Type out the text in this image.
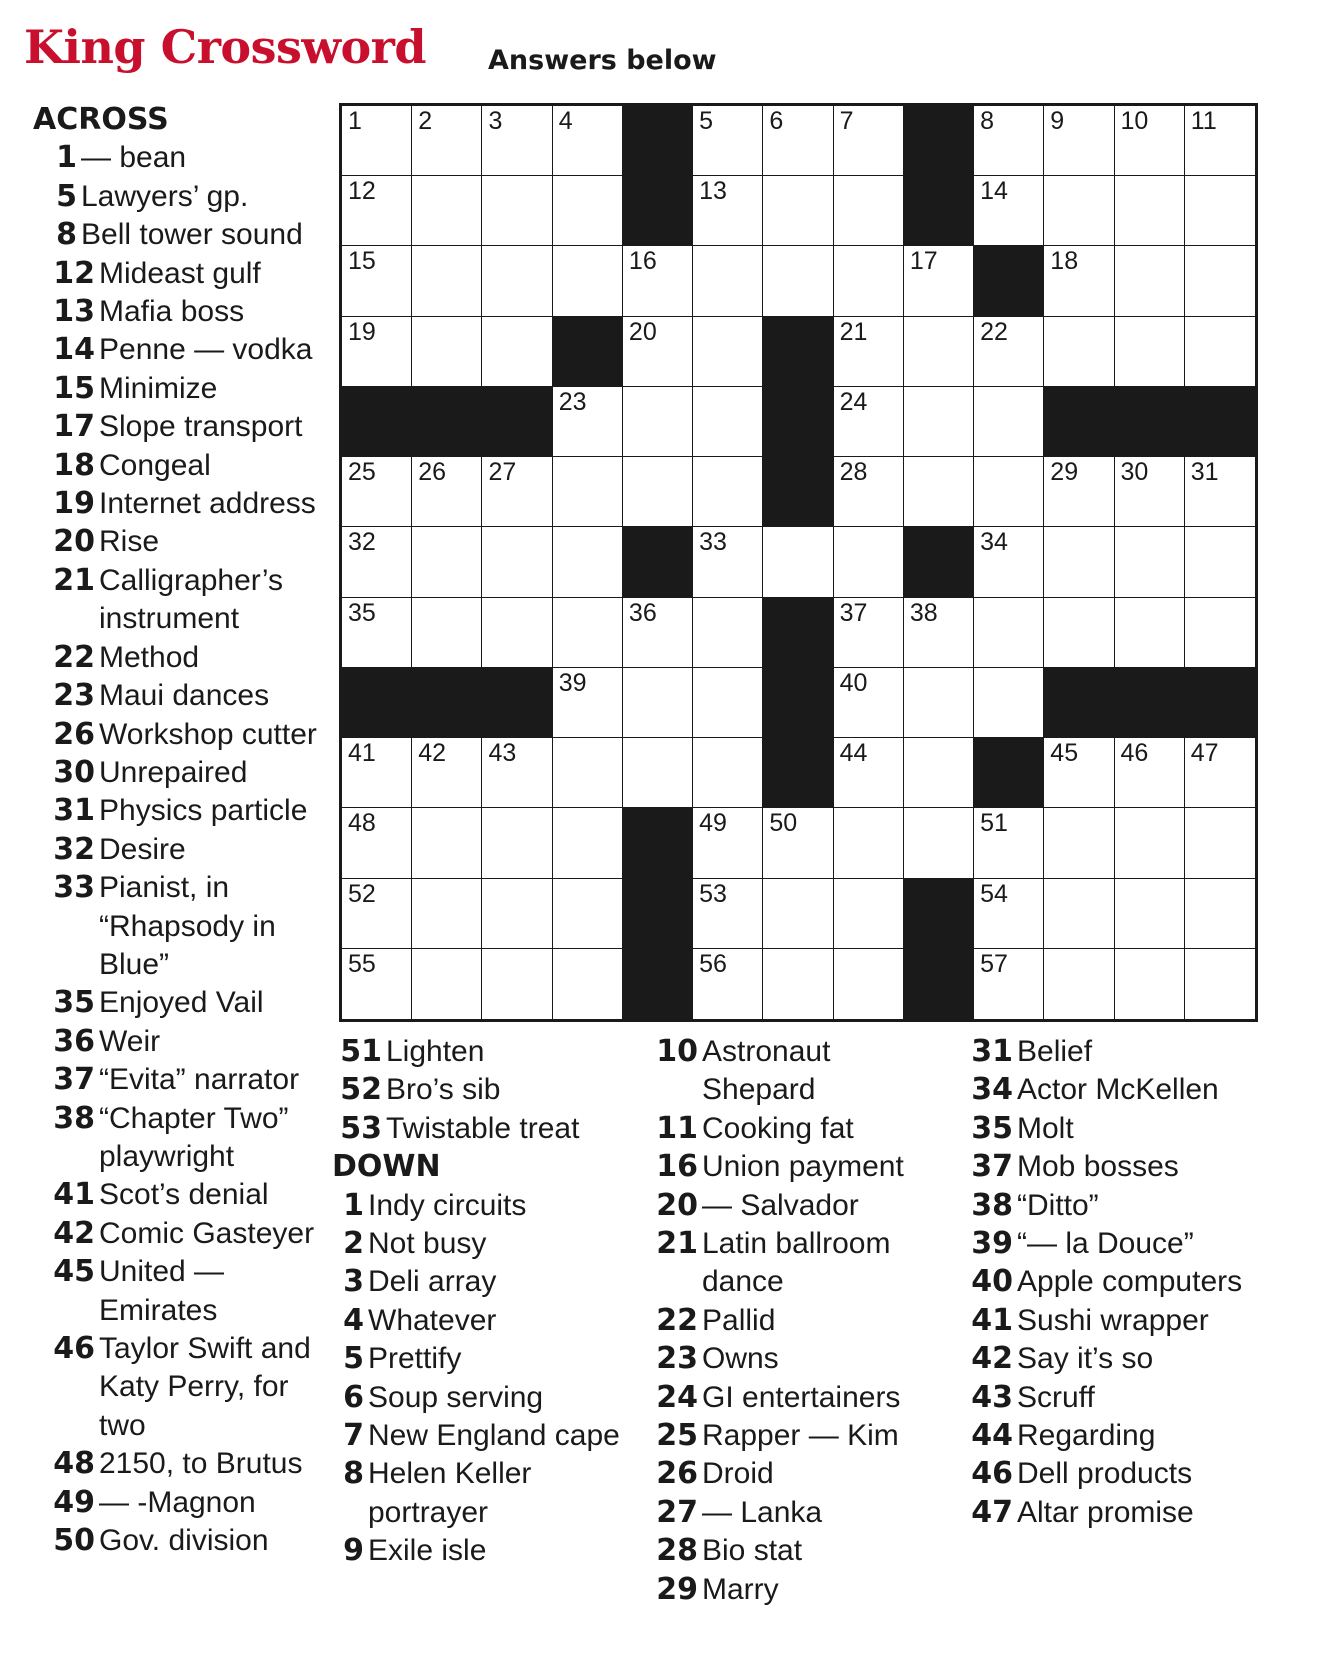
King Crossword Answers below
ACROSS
1 — bean
5 Lawyers’ gp.
8 Bell tower sound
12 Mideast gulf
13 Mafia boss
14 Penne — vodka
15 Minimize
17 Slope transport
18 Congeal
19 Internet address
20 Rise
21 Calligrapher’s instrument
22 Method
23 Maui dances
26 Workshop cutter
30 Unrepaired
31 Physics particle
32 Desire
33 Pianist, in “Rhapsody in Blue”
35 Enjoyed Vail
36 Weir
37 “Evita” narrator
38 “Chapter Two” playwright
41 Scot’s denial
42 Comic Gasteyer
45 United — Emirates
46 Taylor Swift and Katy Perry, for two
48 2150, to Brutus
49 — -Magnon
50 Gov. division
51 Lighten
52 Bro’s sib
53 Twistable treat
DOWN
1 Indy circuits
2 Not busy
3 Deli array
4 Whatever
5 Prettify
6 Soup serving
7 New England cape
8 Helen Keller portrayer
9 Exile isle
10 Astronaut Shepard
11 Cooking fat
16 Union payment
20 — Salvador
21 Latin ballroom dance
22 Pallid
23 Owns
24 GI entertainers
25 Rapper — Kim
26 Droid
27 — Lanka
28 Bio stat
29 Marry
31 Belief
34 Actor McKellen
35 Molt
37 Mob bosses
38 “Ditto”
39 “— la Douce”
40 Apple computers
41 Sushi wrapper
42 Say it’s so
43 Scruff
44 Regarding
46 Dell products
47 Altar promise
1 2 3 4	5 6 7	8 9 10 11
12	13	14
15	16	17	18
19	20	21	22
23	24
25 26 27	28	29 30 31
32	33	34
35	36	37 38
39	40
41 42 43	44	45 46 47
48	49 50	51
52	53	54
55	56	57
